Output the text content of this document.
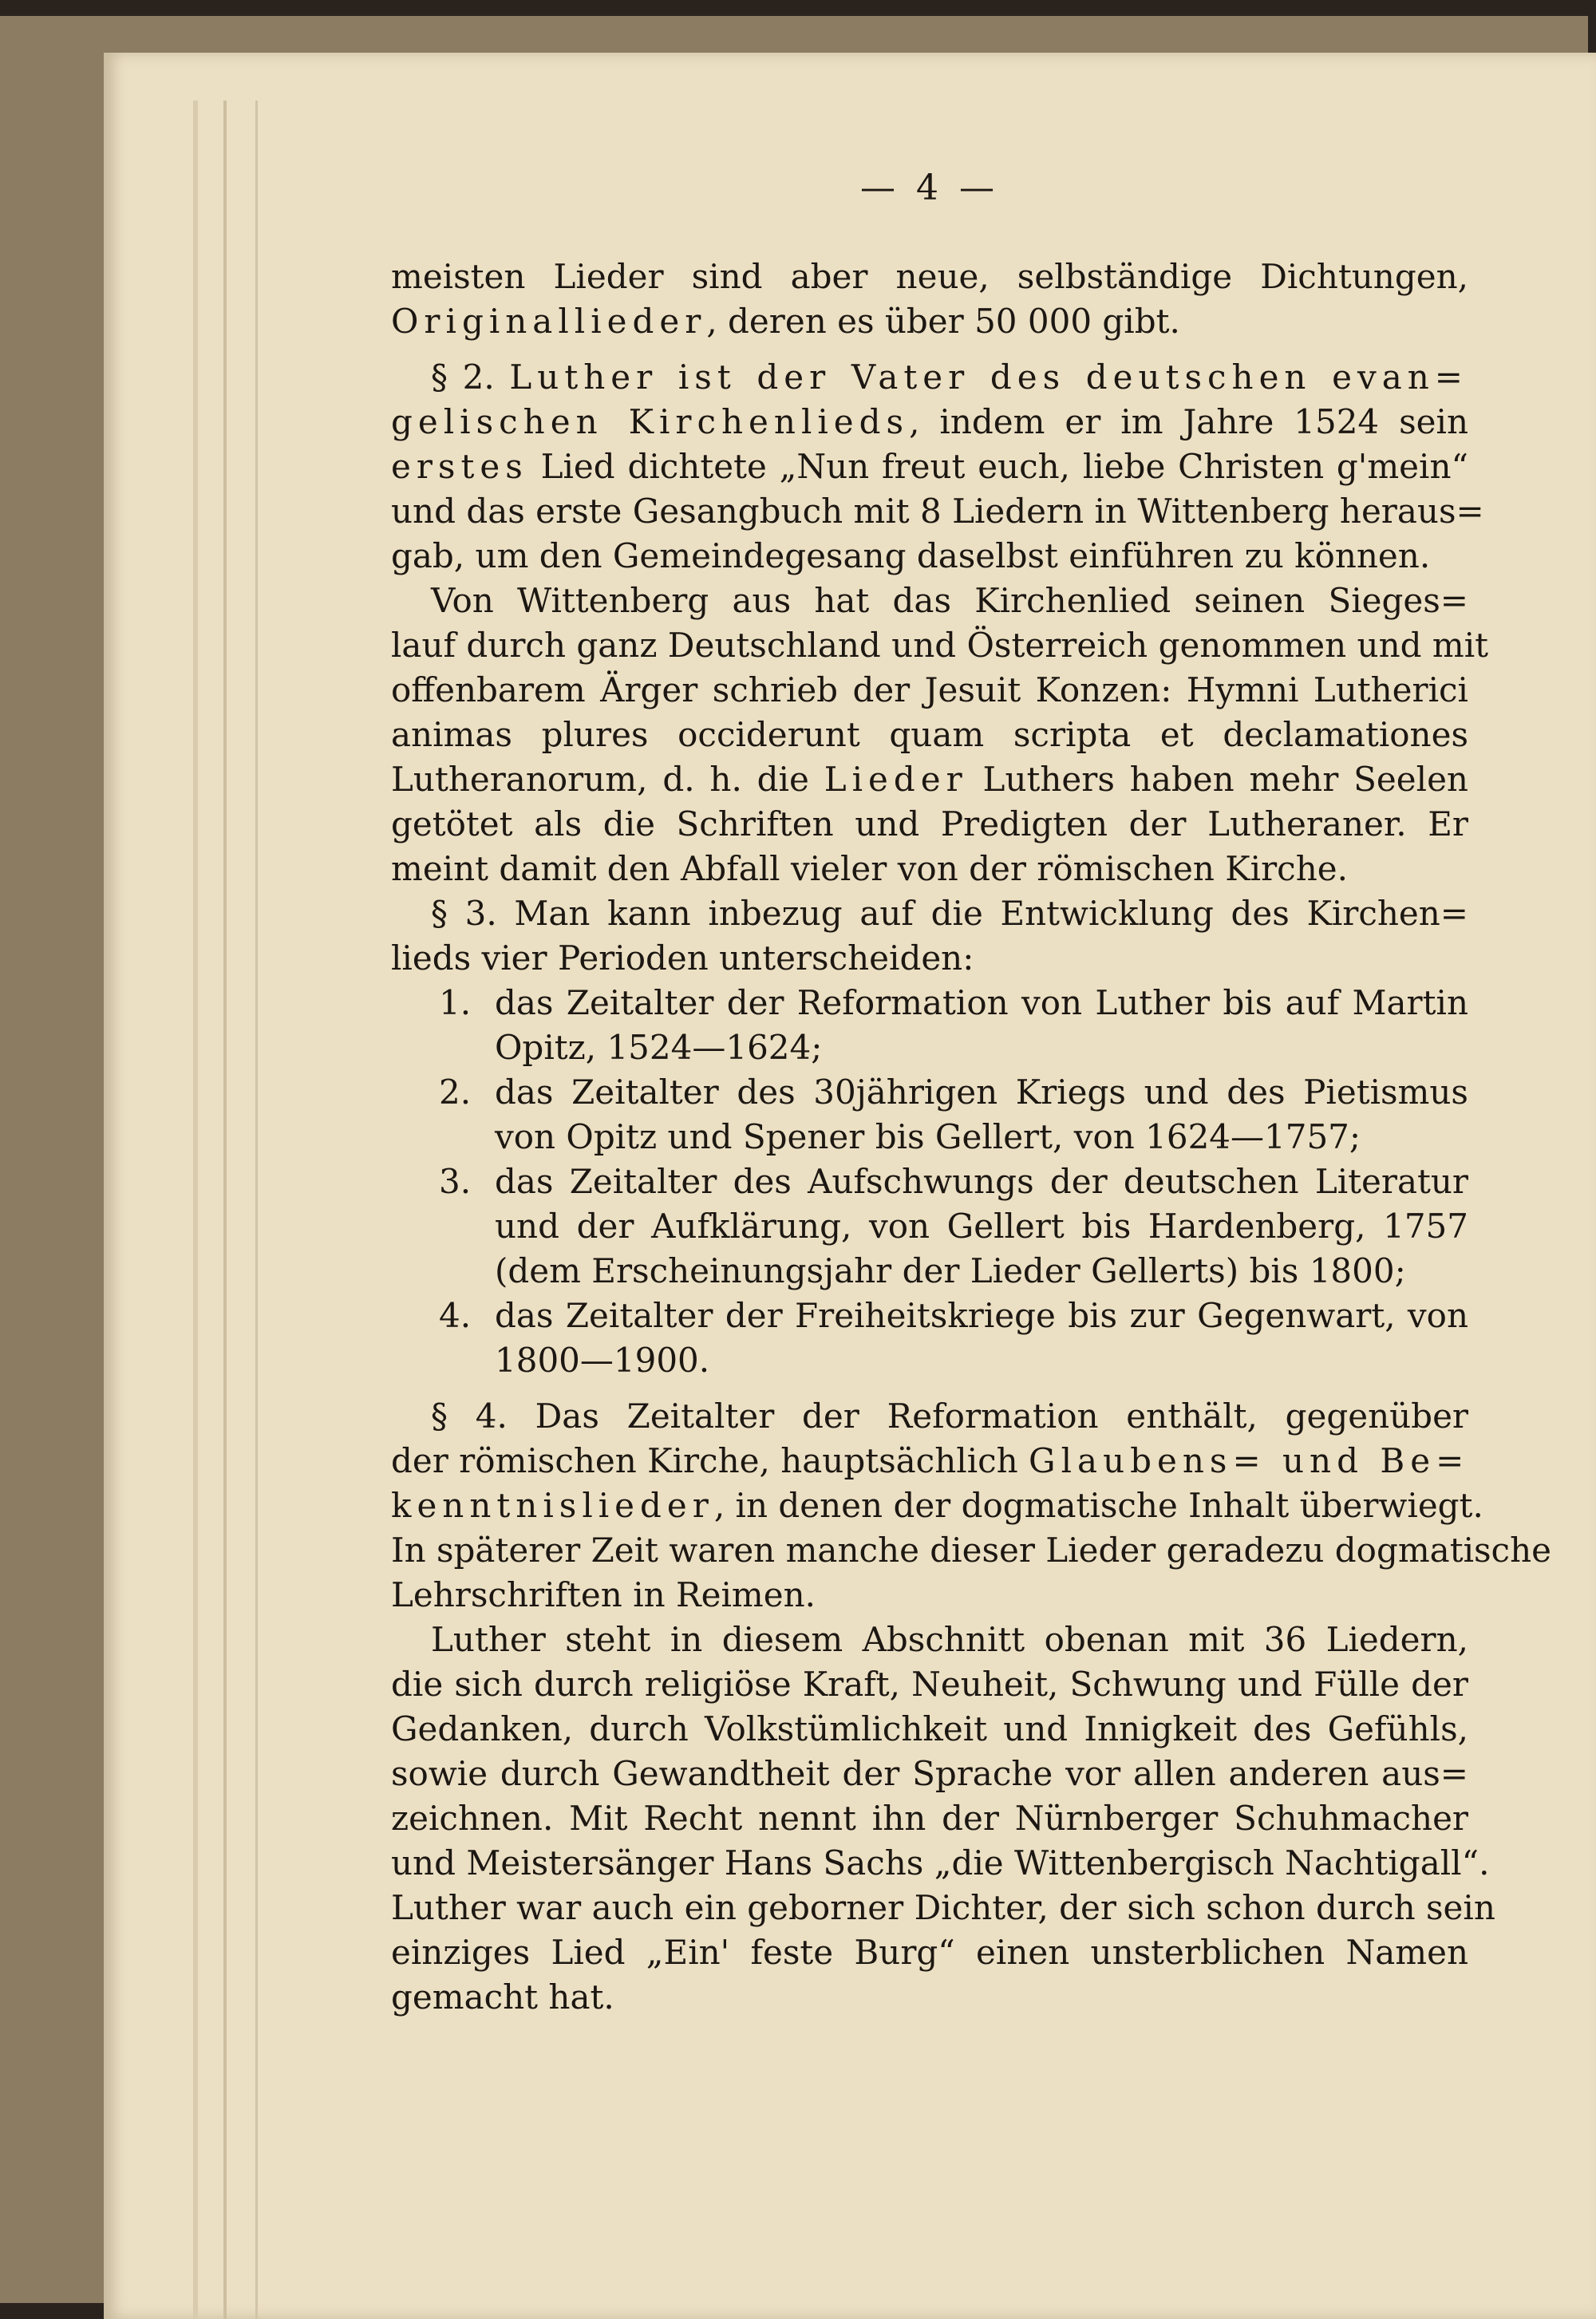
— 4 —
meisten Lieder sind aber neue, selbständige Dichtungen,
Originallieder, deren es über 50 000 gibt.
§ 2. Luther ist der Vater des deutschen evan=
gelischen Kirchenlieds, indem er im Jahre 1524 sein
erstes Lied dichtete „Nun freut euch, liebe Christen g'mein“
und das erste Gesangbuch mit 8 Liedern in Wittenberg heraus=
gab, um den Gemeindegesang daselbst einführen zu können.
Von Wittenberg aus hat das Kirchenlied seinen Sieges=
lauf durch ganz Deutschland und Österreich genommen und mit
offenbarem Ärger schrieb der Jesuit Konzen: Hymni Lutherici
animas plures occiderunt quam scripta et declamationes
Lutheranorum, d. h. die Lieder Luthers haben mehr Seelen
getötet als die Schriften und Predigten der Lutheraner. Er
meint damit den Abfall vieler von der römischen Kirche.
§ 3. Man kann inbezug auf die Entwicklung des Kirchen=
lieds vier Perioden unterscheiden:
1. das Zeitalter der Reformation von Luther bis auf Martin
Opitz, 1524—1624;
2. das Zeitalter des 30jährigen Kriegs und des Pietismus
von Opitz und Spener bis Gellert, von 1624—1757;
3. das Zeitalter des Aufschwungs der deutschen Literatur
und der Aufklärung, von Gellert bis Hardenberg, 1757
(dem Erscheinungsjahr der Lieder Gellerts) bis 1800;
4. das Zeitalter der Freiheitskriege bis zur Gegenwart, von
1800—1900.
§ 4. Das Zeitalter der Reformation enthält, gegenüber
der römischen Kirche, hauptsächlich Glaubens= und Be=
kenntnislieder, in denen der dogmatische Inhalt überwiegt.
In späterer Zeit waren manche dieser Lieder geradezu dogmatische
Lehrschriften in Reimen.
Luther steht in diesem Abschnitt obenan mit 36 Liedern,
die sich durch religiöse Kraft, Neuheit, Schwung und Fülle der
Gedanken, durch Volkstümlichkeit und Innigkeit des Gefühls,
sowie durch Gewandtheit der Sprache vor allen anderen aus=
zeichnen. Mit Recht nennt ihn der Nürnberger Schuhmacher
und Meistersänger Hans Sachs „die Wittenbergisch Nachtigall“.
Luther war auch ein geborner Dichter, der sich schon durch sein
einziges Lied „Ein' feste Burg“ einen unsterblichen Namen
gemacht hat.
